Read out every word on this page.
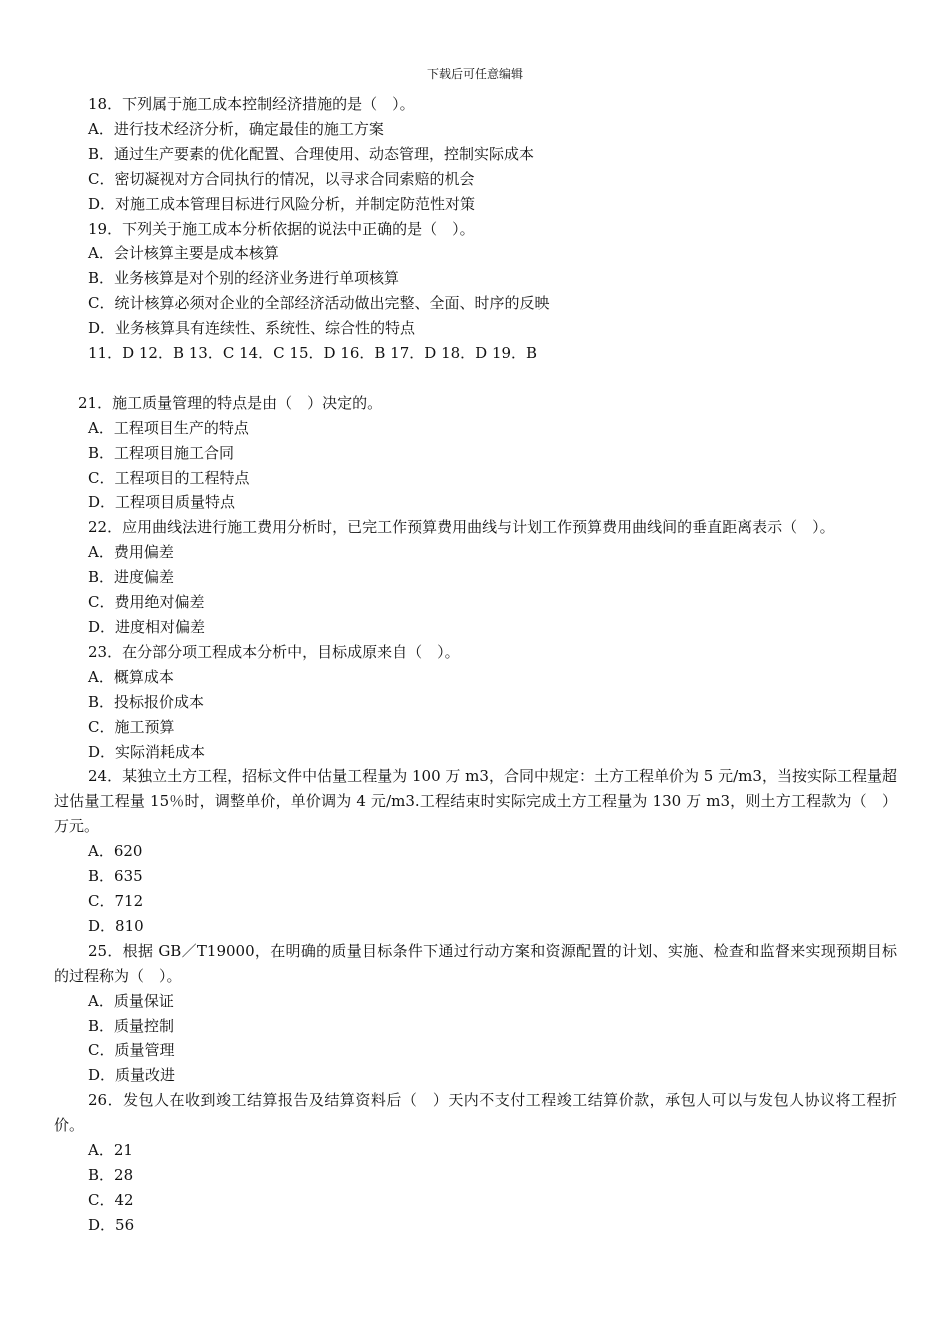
下载后可任意编辑
18．下列属于施工成本控制经济措施的是（　）。
A．进行技术经济分析，确定最佳的施工方案
B．通过生产要素的优化配置、合理使用、动态管理，控制实际成本
C．密切凝视对方合同执行的情况，以寻求合同索赔的机会
D．对施工成本管理目标进行风险分析，并制定防范性对策
19．下列关于施工成本分析依据的说法中正确的是（　）。
A．会计核算主要是成本核算
B．业务核算是对个别的经济业务进行单项核算
C．统计核算必须对企业的全部经济活动做出完整、全面、时序的反映
D．业务核算具有连续性、系统性、综合性的特点
11．D 12．B 13．C 14．C 15．D 16．B 17．D 18．D 19．B
21．施工质量管理的特点是由（　）决定的。
A．工程项目生产的特点
B．工程项目施工合同
C．工程项目的工程特点
D．工程项目质量特点
22．应用曲线法进行施工费用分析时，已完工作预算费用曲线与计划工作预算费用曲线间的垂直距离表示（　）。
A．费用偏差
B．进度偏差
C．费用绝对偏差
D．进度相对偏差
23．在分部分项工程成本分析中，目标成原来自（　）。
A．概算成本
B．投标报价成本
C．施工预算
D．实际消耗成本
24．某独立土方工程，招标文件中估量工程量为 100 万 m3，合同中规定：土方工程单价为 5 元/m3，当按实际工程量超过估量工程量 15％时，调整单价，单价调为 4 元/m3.工程结束时实际完成土方工程量为 130 万 m3，则土方工程款为（　）万元。
A．620
B．635
C．712
D．810
25．根据 GB／T19000，在明确的质量目标条件下通过行动方案和资源配置的计划、实施、检查和监督来实现预期目标的过程称为（　）。
A．质量保证
B．质量控制
C．质量管理
D．质量改进
26．发包人在收到竣工结算报告及结算资料后（　）天内不支付工程竣工结算价款，承包人可以与发包人协议将工程折价。
A．21
B．28
C．42
D．56
